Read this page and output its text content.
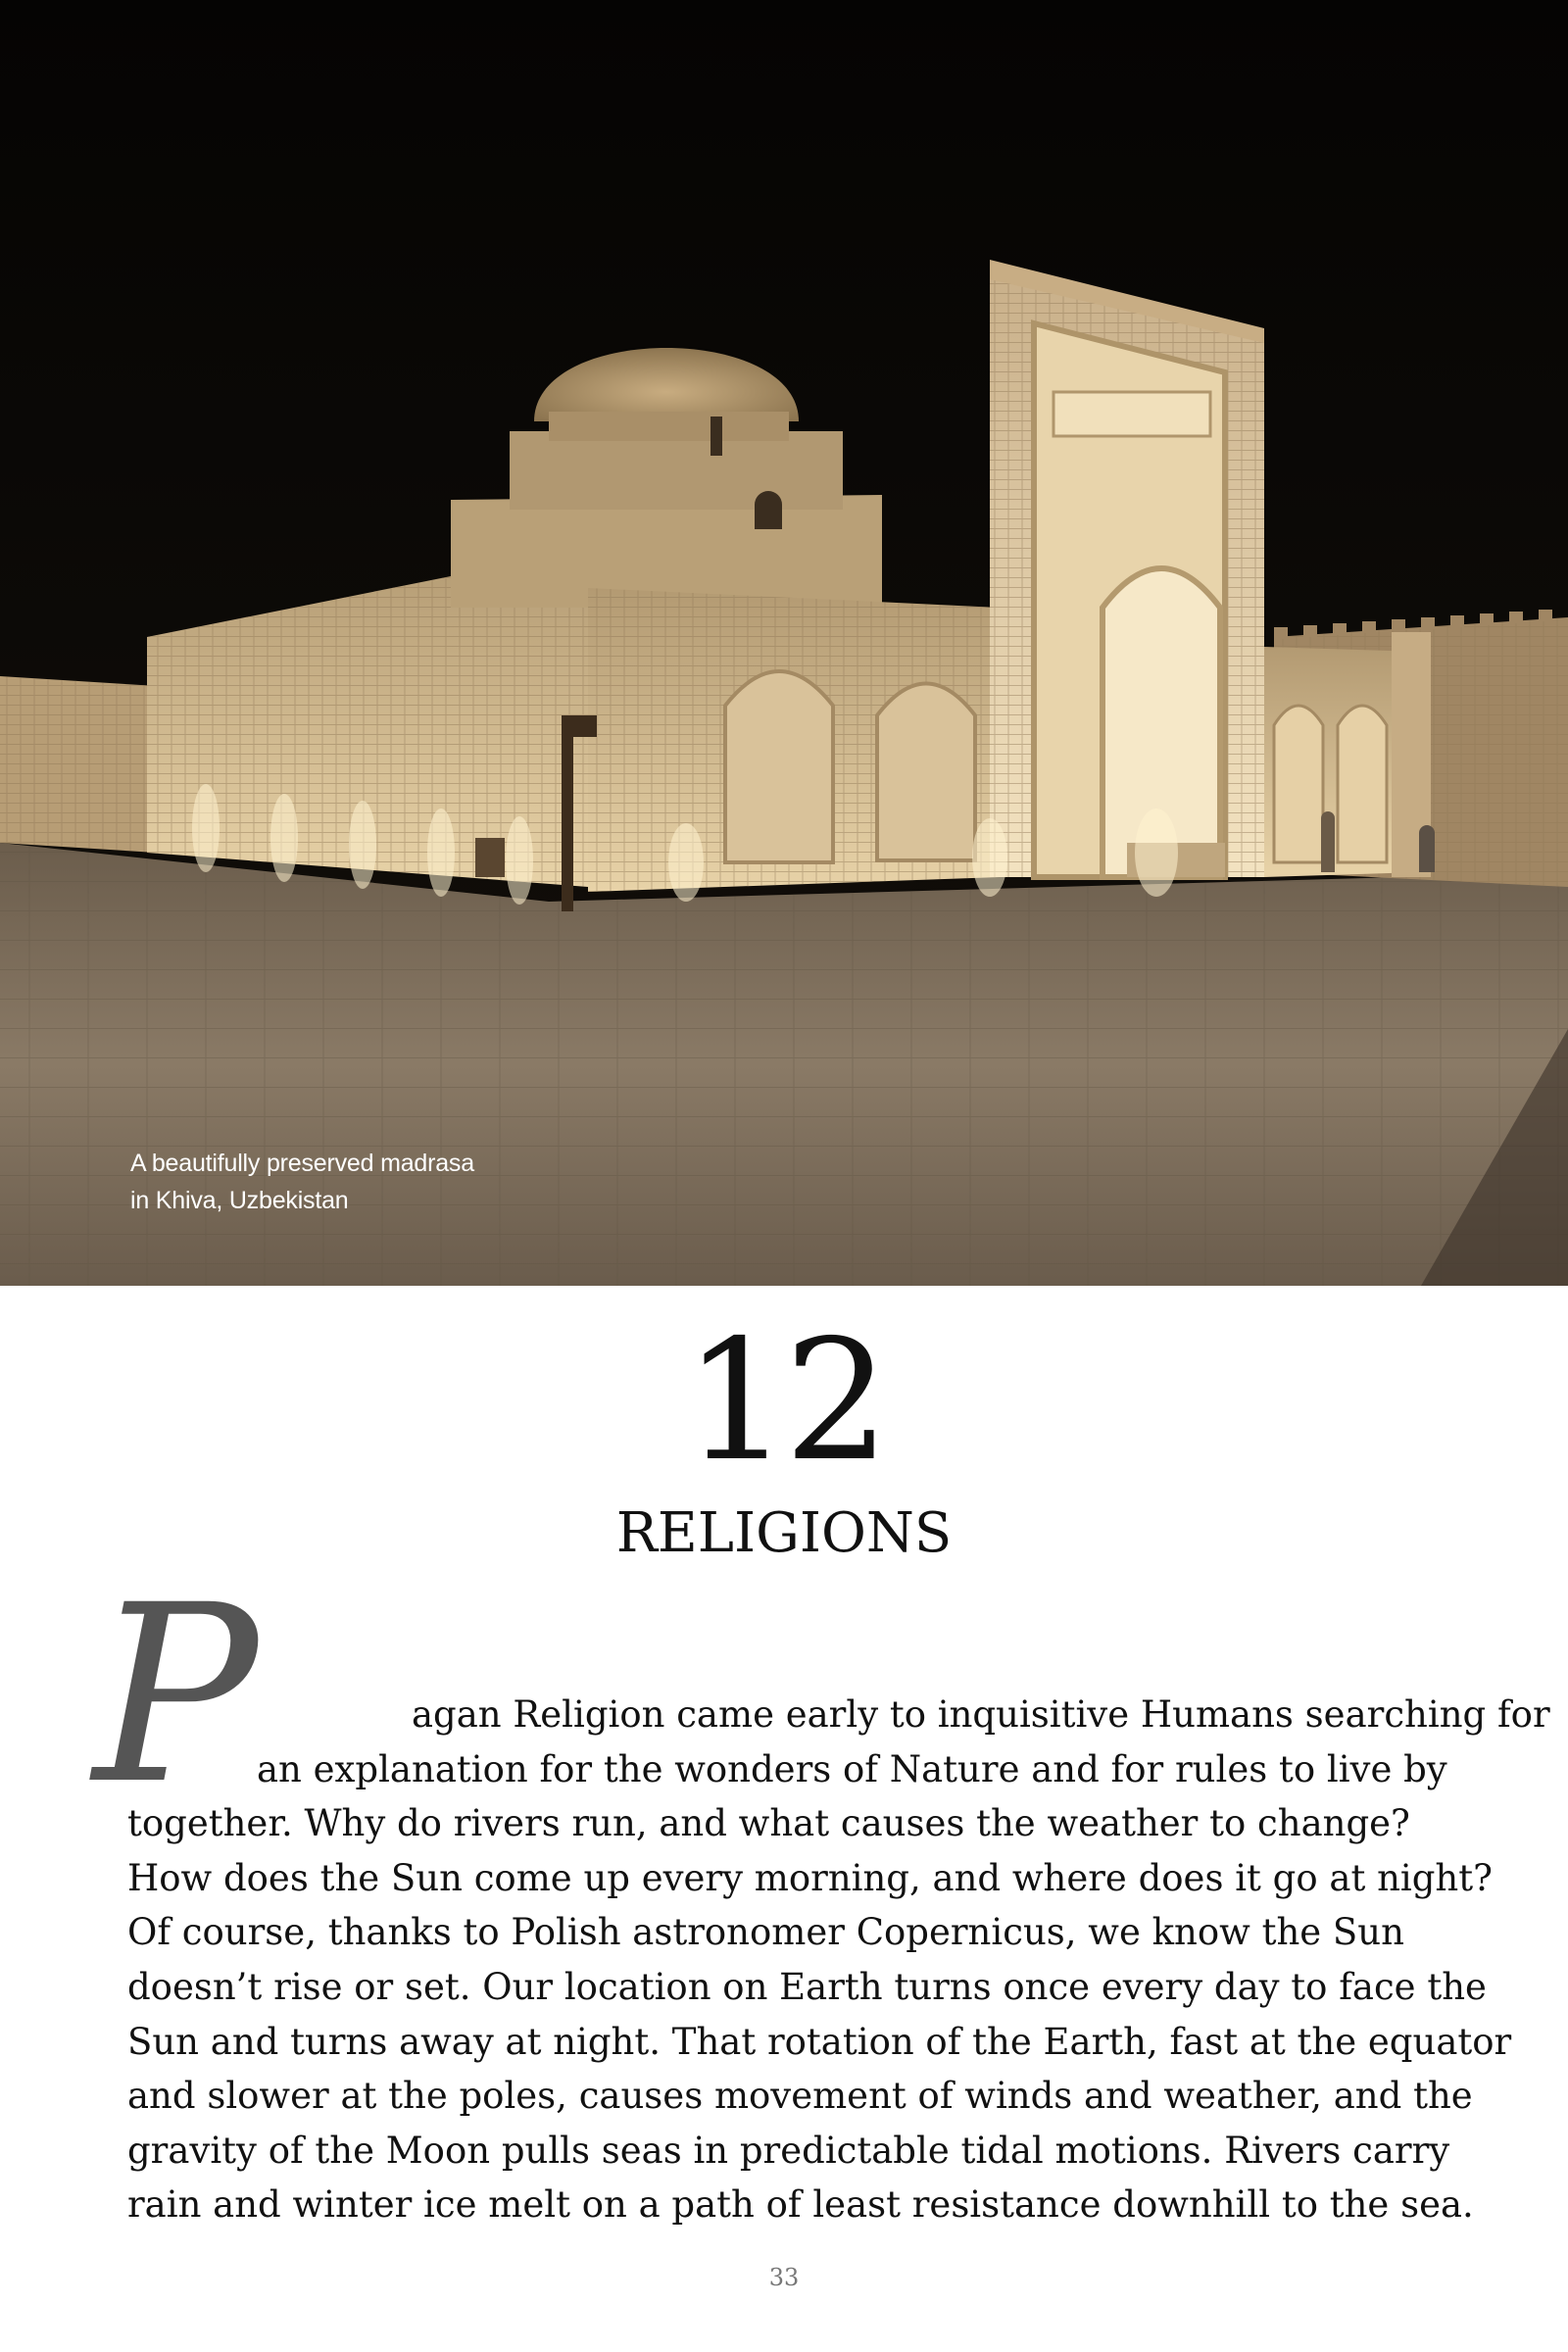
A beautifully preserved madrasa
in Khiva, Uzbekistan
12
RELIGIONS
P	agan Religion came early to inquisitive Humans searching for
an explanation for the wonders of Nature and for rules to live by
together. Why do rivers run, and what causes the weather to change?
How does the Sun come up every morning, and where does it go at night?
Of course, thanks to Polish astronomer Copernicus, we know the Sun
doesn’t rise or set. Our location on Earth turns once every day to face the
Sun and turns away at night. That rotation of the Earth, fast at the equator
and slower at the poles, causes movement of winds and weather, and the
gravity of the Moon pulls seas in predictable tidal motions. Rivers carry
rain and winter ice melt on a path of least resistance downhill to the sea.
33
